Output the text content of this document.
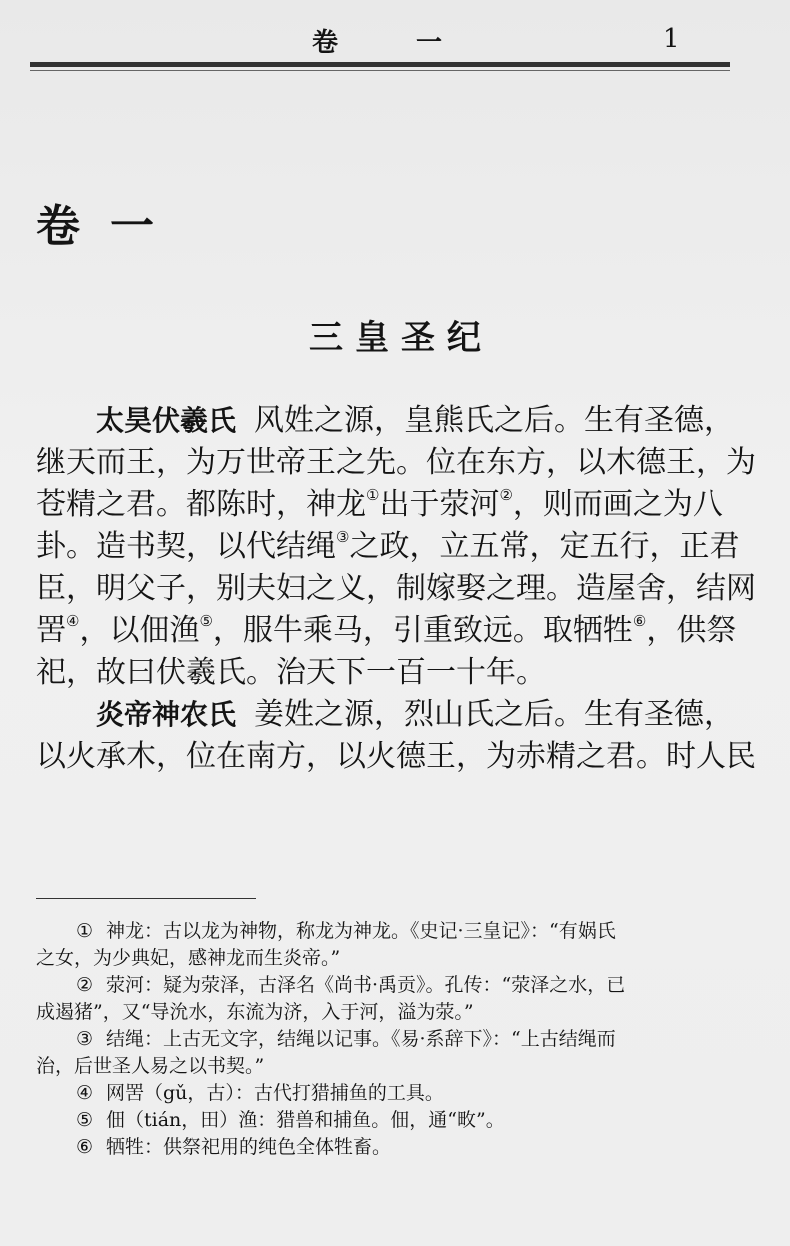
卷　一	1
卷一
三皇圣纪
太昊伏羲氏 风姓之源，皇熊氏之后。生有圣德，
继天而王，为万世帝王之先。位在东方，以木德王，为
苍精之君。都陈时，神龙①出于荥河②，则而画之为八
卦。造书契，以代结绳③之政，立五常，定五行，正君
臣，明父子，别夫妇之义，制嫁娶之理。造屋舍，结网
罟④，以佃渔⑤，服牛乘马，引重致远。取牺牲⑥，供祭
祀，故曰伏羲氏。治天下一百一十年。
炎帝神农氏 姜姓之源，烈山氏之后。生有圣德，
以火承木，位在南方，以火德王，为赤精之君。时人民
① 神龙：古以龙为神物，称龙为神龙。《史记·三皇记》：“有娲氏
之女，为少典妃，感神龙而生炎帝。”
② 荥河：疑为荥泽，古泽名《尚书·禹贡》。孔传：“荥泽之水，已
成遏猪”，又“导沇水，东流为济，入于河，溢为荥。”
③ 结绳：上古无文字，结绳以记事。《易·系辞下》：“上古结绳而
治，后世圣人易之以书契。”
④ 网罟（gǔ，古）：古代打猎捕鱼的工具。
⑤ 佃（tián，田）渔：猎兽和捕鱼。佃，通“畋”。
⑥ 牺牲：供祭祀用的纯色全体牲畜。
